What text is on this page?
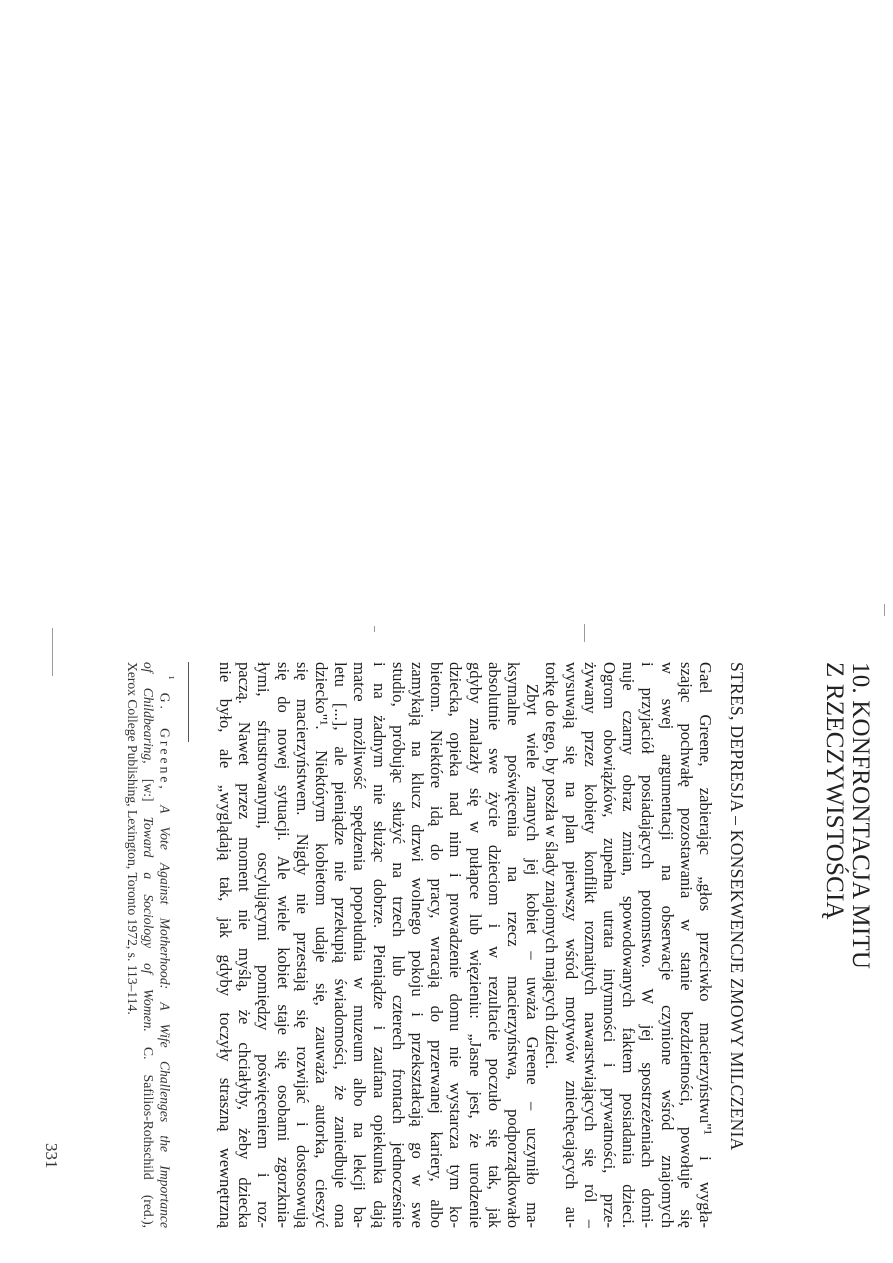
10. KONFRONTACJA MITU
Z RZECZYWISTOŚCIĄ
STRES, DEPRESJA – KONSEKWENCJE ZMOWY MILCZENIA

Gael Greene, zabierając „głos przeciwko macierzyństwu"¹ i wygła-
szając pochwałę pozostawania w stanie bezdzietności, powołuje się
w swej argumentacji na obserwacje czynione wśród znajomych
i przyjaciół posiadających potomstwo. W jej spostrzeżeniach domi-
nuje czarny obraz zmian, spowodowanych faktem posiadania dzieci.
Ogrom obowiązków, zupełna utrata intymności i prywatności, prze-
żywany przez kobiety konflikt rozmaitych nawarstwiających się ról –
wysuwają się na plan pierwszy wśród motywów zniechęcających au-
torkę do tego, by poszła w ślady znajomych mających dzieci.

Zbyt wiele znanych jej kobiet – uważa Greene – uczyniło ma-
ksymalne poświęcenia na rzecz macierzyństwa, podporządkowało
absolutnie swe życie dzieciom i w rezultacie poczuło się tak, jak
gdyby znalazły się w pułapce lub więzieniu: „Jasne jest, że urodzenie
dziecka, opieka nad nim i prowadzenie domu nie wystarcza tym ko-
bietom. Niektóre idą do pracy, wracają do przerwanej kariery, albo
zamykają na klucz drzwi wolnego pokoju i przekształcają go w swe
studio, próbując służyć na trzech lub czterech frontach jednocześnie
i na żadnym nie służąc dobrze. Pieniądze i zaufana opiekunka dają
matce możliwość spędzenia popołudnia w muzeum albo na lekcji ba-
letu [...], ale pieniądze nie przekupią świadomości, że zaniedbuje ona
dziecko"¹. Niektórym kobietom udaje się, zauważa autorka, cieszyć
się macierzyństwem. Nigdy nie przestają się rozwijać i dostosowują
się do nowej sytuacji. Ale wiele kobiet staje się osobami zgorzknia-
łymi, sfrustrowanymi, oscylującymi pomiędzy poświęceniem i roz-
paczą. Nawet przez moment nie myślą, że chciałyby, żeby dziecka
nie było, ale „wyglądają tak, jak gdyby toczyły straszną wewnętrzną

$^{^1}$ G. Greene, A Vote Against Motherhood: A Wife Challenges the Importance
of Childbearing, [w:] Toward a Sociology of Women. C. Safilios-Rothschild (red.),
Xerox College Publishing, Lexington, Toronto 1972, s. 113–114.
331
